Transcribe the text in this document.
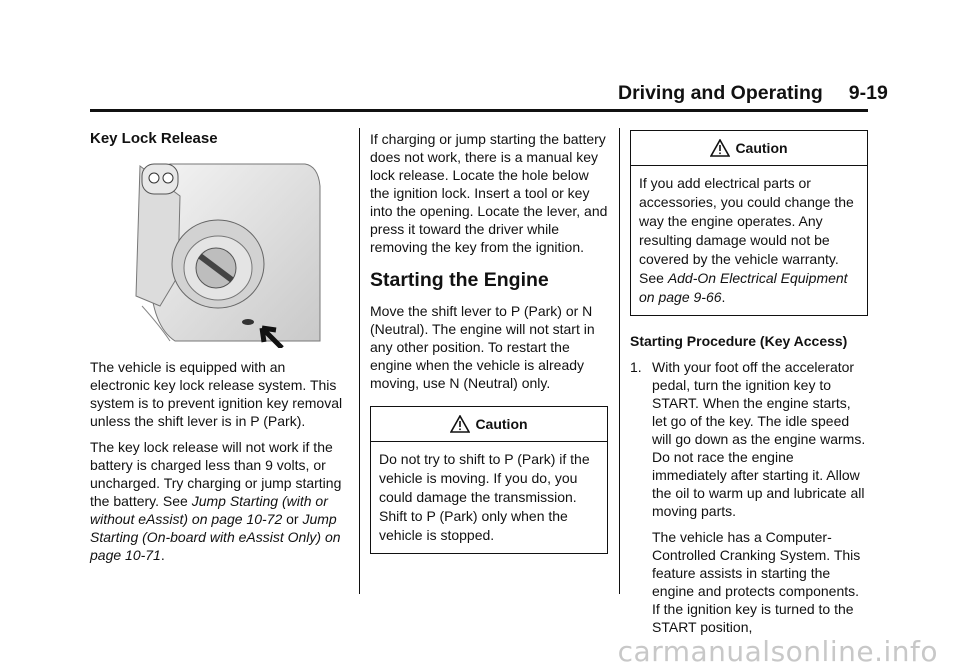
Driving and Operating 9-19
Key Lock Release

The vehicle is equipped with an electronic key lock release system. This system is to prevent ignition key removal unless the shift lever is in P (Park).

The key lock release will not work if the battery is charged less than 9 volts, or uncharged. Try charging or jump starting the battery. See Jump Starting (with or without eAssist) on page 10-72 or Jump Starting (On-board with eAssist Only) on page 10-71.

If charging or jump starting the battery does not work, there is a manual key lock release. Locate the hole below the ignition lock. Insert a tool or key into the opening. Locate the lever, and press it toward the driver while removing the key from the ignition.

Starting the Engine

Move the shift lever to P (Park) or N (Neutral). The engine will not start in any other position. To restart the engine when the vehicle is already moving, use N (Neutral) only.

Caution
Do not try to shift to P (Park) if the vehicle is moving. If you do, you could damage the transmission. Shift to P (Park) only when the vehicle is stopped.
Caution
If you add electrical parts or accessories, you could change the way the engine operates. Any resulting damage would not be covered by the vehicle warranty. See Add-On Electrical Equipment on page 9-66.
Starting Procedure (Key Access)
1. With your foot off the accelerator pedal, turn the ignition key to START. When the engine starts, let go of the key. The idle speed will go down as the engine warms. Do not race the engine immediately after starting it. Allow the oil to warm up and lubricate all moving parts.

The vehicle has a Computer-Controlled Cranking System. This feature assists in starting the engine and protects components. If the ignition key is turned to the START position,

carmanualsonline.info
